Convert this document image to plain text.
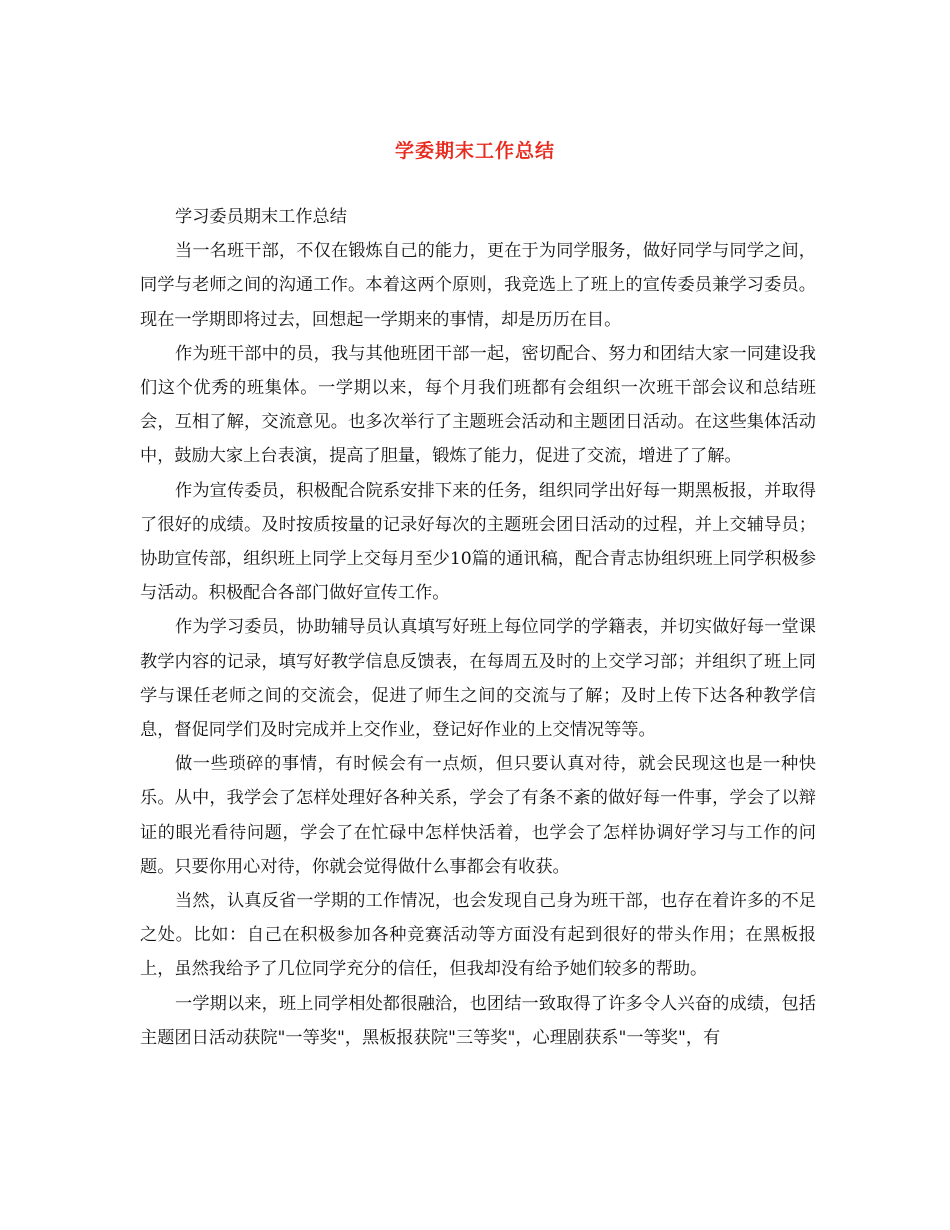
学委期末工作总结

学习委员期末工作总结

当一名班干部，不仅在锻炼自己的能力，更在于为同学服务，做好同学与同学之间，同学与老师之间的沟通工作。本着这两个原则，我竞选上了班上的宣传委员兼学习委员。现在一学期即将过去，回想起一学期来的事情，却是历历在目。

作为班干部中的员，我与其他班团干部一起，密切配合、努力和团结大家一同建设我们这个优秀的班集体。一学期以来，每个月我们班都有会组织一次班干部会议和总结班会，互相了解，交流意见。也多次举行了主题班会活动和主题团日活动。在这些集体活动中，鼓励大家上台表演，提高了胆量，锻炼了能力，促进了交流，增进了了解。

作为宣传委员，积极配合院系安排下来的任务，组织同学出好每一期黑板报，并取得了很好的成绩。及时按质按量的记录好每次的主题班会团日活动的过程，并上交辅导员；协助宣传部，组织班上同学上交每月至少10篇的通讯稿，配合青志协组织班上同学积极参与活动。积极配合各部门做好宣传工作。

作为学习委员，协助辅导员认真填写好班上每位同学的学籍表，并切实做好每一堂课教学内容的记录，填写好教学信息反馈表，在每周五及时的上交学习部；并组织了班上同学与课任老师之间的交流会，促进了师生之间的交流与了解；及时上传下达各种教学信息，督促同学们及时完成并上交作业，登记好作业的上交情况等等。

做一些琐碎的事情，有时候会有一点烦，但只要认真对待，就会民现这也是一种快乐。从中，我学会了怎样处理好各种关系，学会了有条不紊的做好每一件事，学会了以辩证的眼光看待问题，学会了在忙碌中怎样快活着，也学会了怎样协调好学习与工作的问题。只要你用心对待，你就会觉得做什么事都会有收获。

当然，认真反省一学期的工作情况，也会发现自己身为班干部，也存在着许多的不足之处。比如：自己在积极参加各种竞赛活动等方面没有起到很好的带头作用；在黑板报上，虽然我给予了几位同学充分的信任，但我却没有给予她们较多的帮助。

一学期以来，班上同学相处都很融洽，也团结一致取得了许多令人兴奋的成绩，包括主题团日活动获院"一等奖"，黑板报获院"三等奖"，心理剧获系"一等奖"，有
